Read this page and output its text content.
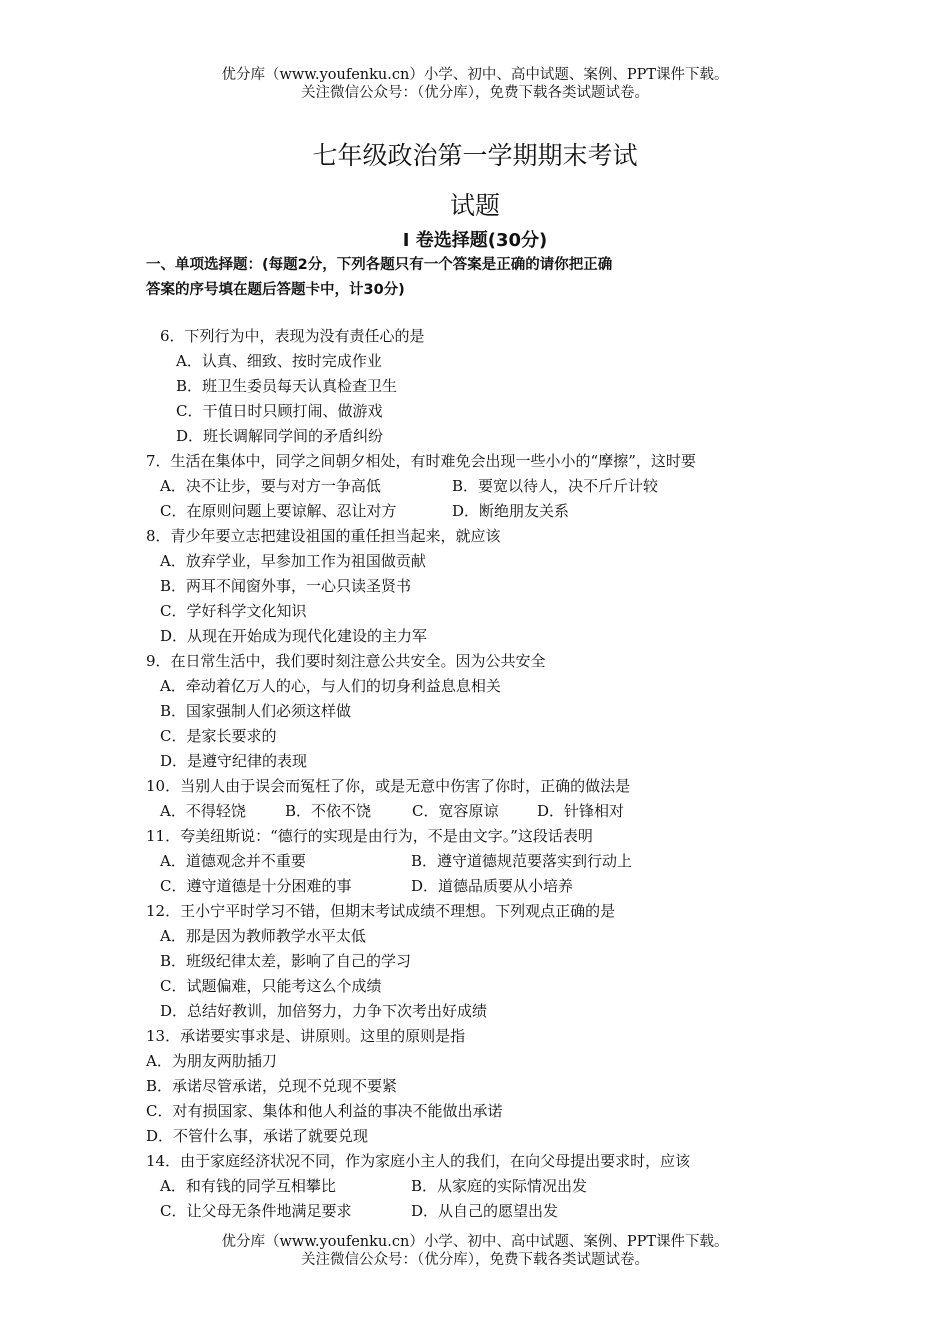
优分库（www.youfenku.cn）小学、初中、高中试题、案例、PPT课件下载。
关注微信公众号：（优分库），免费下载各类试题试卷。
七年级政治第一学期期末考试
试题
Ⅰ 卷选择题(30分)
一、单项选择题：(每题2分，下列各题只有一个答案是正确的请你把正确
答案的序号填在题后答题卡中，计30分)
6．下列行为中，表现为没有责任心的是
A．认真、细致、按时完成作业
B．班卫生委员每天认真检查卫生
C．干值日时只顾打闹、做游戏
D．班长调解同学间的矛盾纠纷
7．生活在集体中，同学之间朝夕相处，有时难免会出现一些小小的“摩擦”，这时要
A．决不让步，要与对方一争高低	B．要宽以待人，决不斤斤计较
C．在原则问题上要谅解、忍让对方	D．断绝朋友关系
8．青少年要立志把建设祖国的重任担当起来，就应该
A．放弃学业，早参加工作为祖国做贡献
B．两耳不闻窗外事，一心只读圣贤书
C．学好科学文化知识
D．从现在开始成为现代化建设的主力军
9．在日常生活中，我们要时刻注意公共安全。因为公共安全
A．牵动着亿万人的心，与人们的切身利益息息相关
B．国家强制人们必须这样做
C．是家长要求的
D．是遵守纪律的表现
10．当别人由于误会而冤枉了你，或是无意中伤害了你时，正确的做法是
A．不得轻饶	B．不依不饶	C．宽容原谅	D．针锋相对
11．夸美纽斯说：“德行的实现是由行为，不是由文字。”这段话表明
A．道德观念并不重要	B．遵守道德规范要落实到行动上
C．遵守道德是十分困难的事	D．道德品质要从小培养
12．王小宁平时学习不错，但期末考试成绩不理想。下列观点正确的是
A．那是因为教师教学水平太低
B．班级纪律太差，影响了自己的学习
C．试题偏难，只能考这么个成绩
D．总结好教训，加倍努力，力争下次考出好成绩
13．承诺要实事求是、讲原则。这里的原则是指
A．为朋友两肋插刀
B．承诺尽管承诺，兑现不兑现不要紧
C．对有损国家、集体和他人利益的事决不能做出承诺
D．不管什么事，承诺了就要兑现
14．由于家庭经济状况不同，作为家庭小主人的我们，在向父母提出要求时，应该
A．和有钱的同学互相攀比	B．从家庭的实际情况出发
C．让父母无条件地满足要求	D．从自己的愿望出发
优分库（www.youfenku.cn）小学、初中、高中试题、案例、PPT课件下载。
关注微信公众号：（优分库），免费下载各类试题试卷。
